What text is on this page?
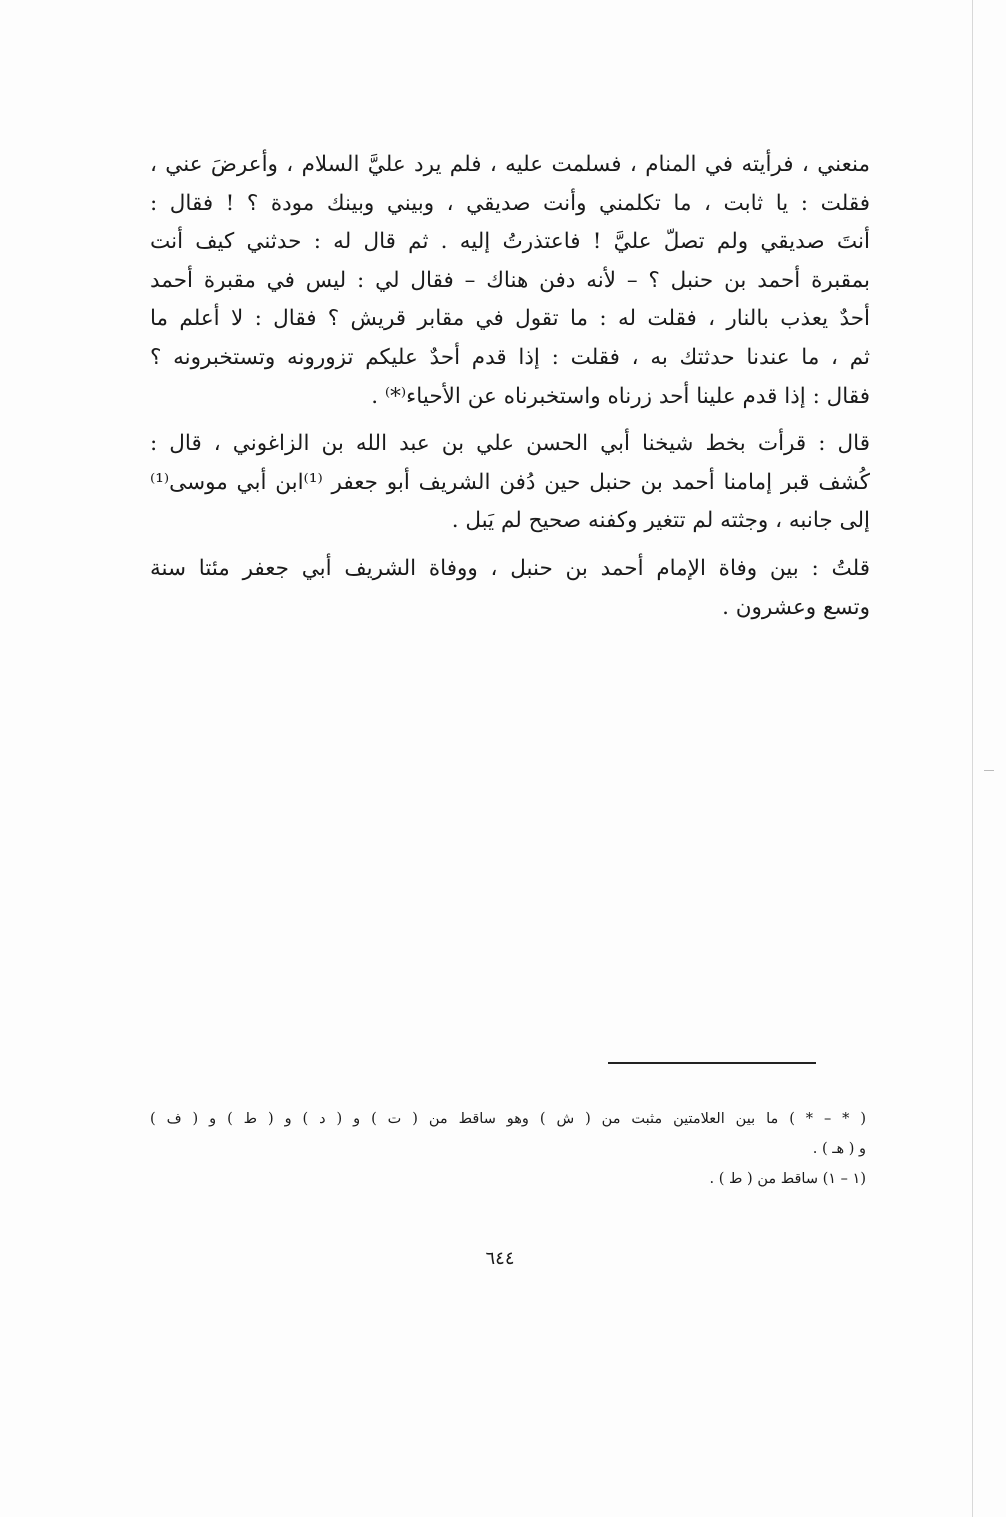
منعني ، فرأيته في المنام ، فسلمت عليه ، فلم يرد عليَّ السلام ، وأعرضَ عني ،
فقلت : يا ثابت ، ما تكلمني وأنت صديقي ، وبيني وبينك مودة ؟ ! فقال :
أنتَ صديقي ولم تصلّ عليَّ ! فاعتذرتُ إليه . ثم قال له : حدثني كيف أنت
بمقبرة أحمد بن حنبل ؟ – لأنه دفن هناك – فقال لي : ليس في مقبرة أحمد
أحدٌ يعذب بالنار ، فقلت له : ما تقول في مقابر قريش ؟ فقال : لا أعلم ما
ثم ، ما عندنا حدثتك به ، فقلت : إذا قدم أحدٌ عليكم تزورونه وتستخبرونه ؟
فقال : إذا قدم علينا أحد زرناه واستخبرناه عن الأحياء⁽*⁾ .

قال : قرأت بخط شيخنا أبي الحسن علي بن عبد الله بن الزاغوني ، قال :
كُشف قبر إمامنا أحمد بن حنبل حين دُفن الشريف أبو جعفر ⁽¹⁾ابن أبي موسى⁽¹⁾
إلى جانبه ، وجثته لم تتغير وكفنه صحيح لم يَبل .

قلتُ : بين وفاة الإمام أحمد بن حنبل ، ووفاة الشريف أبي جعفر مئتا سنة
وتسع وعشرون .

( * – * ) ما بين العلامتين مثبت من ( ش ) وهو ساقط من ( ت ) و ( د ) و ( ط ) و ( ف )
و ( هـ ) .
(١ – ١) ساقط من ( ط ) .
٦٤٤
